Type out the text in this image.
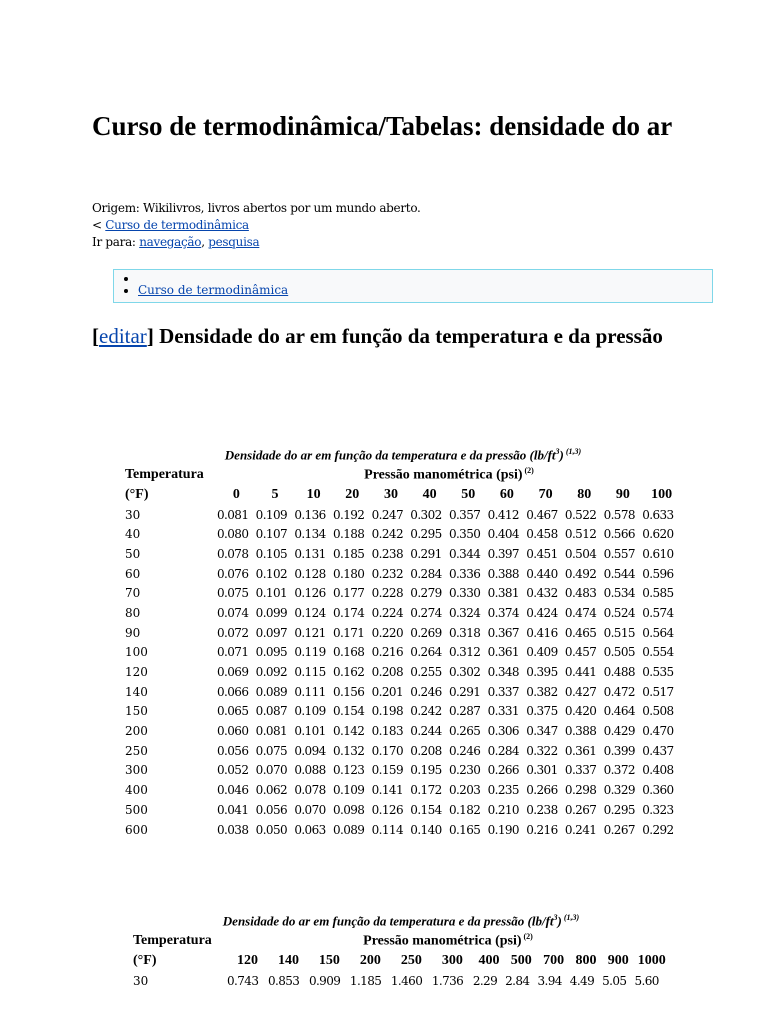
Curso de termodinâmica/Tabelas: densidade do ar
Origem: Wikilivros, livros abertos por um mundo aberto.
< Curso de termodinâmica
Ir para: navegação, pesquisa
•
• Curso de termodinâmica
[editar] Densidade do ar em função da temperatura e da pressão
Densidade do ar em função da temperatura e da pressão $(lb/ft^3)$ $^{(1,3)}$
Temperatura	Pressão manométrica (psi) $^{(2)}$
(°F)	0	5	10	20	30	40	50	60	70	80	90	100
30	0.081	0.109	0.136	0.192	0.247	0.302	0.357	0.412	0.467	0.522	0.578	0.633
40	0.080	0.107	0.134	0.188	0.242	0.295	0.350	0.404	0.458	0.512	0.566	0.620
50	0.078	0.105	0.131	0.185	0.238	0.291	0.344	0.397	0.451	0.504	0.557	0.610
60	0.076	0.102	0.128	0.180	0.232	0.284	0.336	0.388	0.440	0.492	0.544	0.596
70	0.075	0.101	0.126	0.177	0.228	0.279	0.330	0.381	0.432	0.483	0.534	0.585
80	0.074	0.099	0.124	0.174	0.224	0.274	0.324	0.374	0.424	0.474	0.524	0.574
90	0.072	0.097	0.121	0.171	0.220	0.269	0.318	0.367	0.416	0.465	0.515	0.564
100	0.071	0.095	0.119	0.168	0.216	0.264	0.312	0.361	0.409	0.457	0.505	0.554
120	0.069	0.092	0.115	0.162	0.208	0.255	0.302	0.348	0.395	0.441	0.488	0.535
140	0.066	0.089	0.111	0.156	0.201	0.246	0.291	0.337	0.382	0.427	0.472	0.517
150	0.065	0.087	0.109	0.154	0.198	0.242	0.287	0.331	0.375	0.420	0.464	0.508
200	0.060	0.081	0.101	0.142	0.183	0.244	0.265	0.306	0.347	0.388	0.429	0.470
250	0.056	0.075	0.094	0.132	0.170	0.208	0.246	0.284	0.322	0.361	0.399	0.437
300	0.052	0.070	0.088	0.123	0.159	0.195	0.230	0.266	0.301	0.337	0.372	0.408
400	0.046	0.062	0.078	0.109	0.141	0.172	0.203	0.235	0.266	0.298	0.329	0.360
500	0.041	0.056	0.070	0.098	0.126	0.154	0.182	0.210	0.238	0.267	0.295	0.323
600	0.038	0.050	0.063	0.089	0.114	0.140	0.165	0.190	0.216	0.241	0.267	0.292
Densidade do ar em função da temperatura e da pressão $(lb/ft^3)$ $^{(1,3)}$
Temperatura	Pressão manométrica (psi) $^{(2)}$
(°F)	120	140	150	200	250	300	400	500	700	800	900	1000
30	0.743	0.853	0.909	1.185	1.460	1.736	2.29	2.84	3.94	4.49	5.05	5.60
